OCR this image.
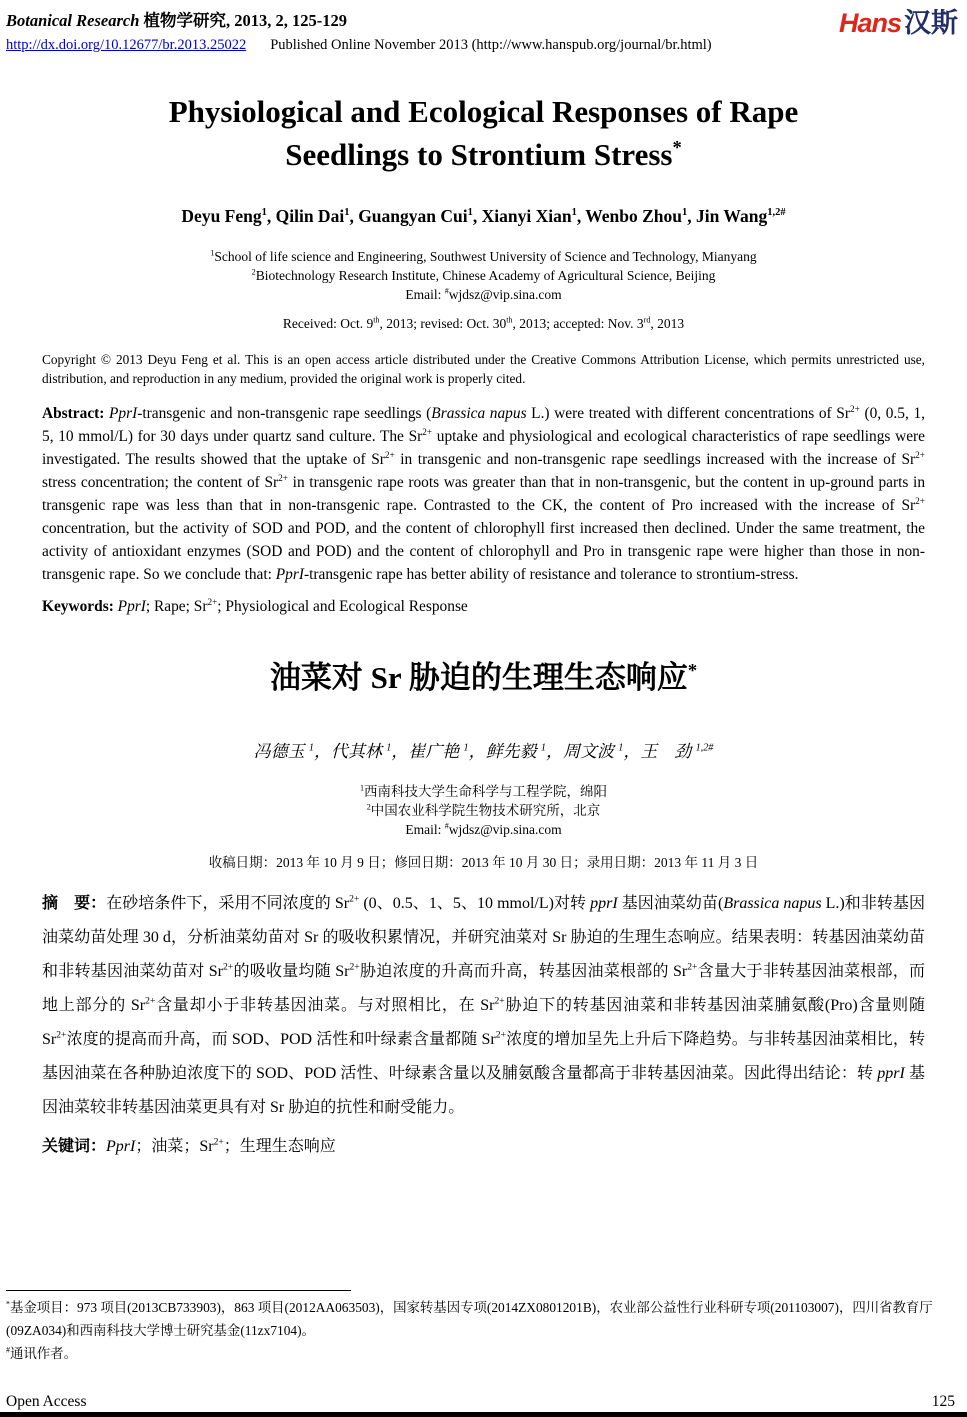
Botanical Research 植物学研究, 2013, 2, 125-129
http://dx.doi.org/10.12677/br.2013.25022 Published Online November 2013 (http://www.hanspub.org/journal/br.html)
Hans 汉斯
Physiological and Ecological Responses of Rape
Seedlings to Strontium Stress*
Deyu Feng$^1$, Qilin Dai$^1$, Guangyan Cui$^1$, Xianyi Xian$^1$, Wenbo Zhou$^1$, Jin Wang$^{1,2\#}$
$^1$School of life science and Engineering, Southwest University of Science and Technology, Mianyang
$^2$Biotechnology Research Institute, Chinese Academy of Agricultural Science, Beijing
Email: #wjdsz@vip.sina.com
Received: Oct. 9th, 2013; revised: Oct. 30th, 2013; accepted: Nov. 3rd, 2013

Copyright © 2013 Deyu Feng et al. This is an open access article distributed under the Creative Commons Attribution License, which permits unrestricted use, distribution, and reproduction in any medium, provided the original work is properly cited.

Abstract: PprI-transgenic and non-transgenic rape seedlings (Brassica napus L.) were treated with different concentrations of $Sr^{2+}$ (0, 0.5, 1, 5, 10 mmol/L) for 30 days under quartz sand culture. The $Sr^{2+}$ uptake and physiological and ecological characteristics of rape seedlings were investigated. The results showed that the uptake of $Sr^{2+}$ in transgenic and non-transgenic rape seedlings increased with the increase of $Sr^{2+}$ stress concentration; the content of $Sr^{2+}$ in transgenic rape roots was greater than that in non-transgenic, but the content in up-ground parts in transgenic rape was less than that in non-transgenic rape. Contrasted to the CK, the content of Pro increased with the increase of $Sr^{2+}$ concentration, but the activity of SOD and POD, and the content of chlorophyll first increased then declined. Under the same treatment, the activity of antioxidant enzymes (SOD and POD) and the content of chlorophyll and Pro in transgenic rape were higher than those in non-transgenic rape. So we conclude that: PprI-transgenic rape has better ability of resistance and tolerance to strontium-stress.

Keywords: PprI; Rape; $Sr^{2+}$; Physiological and Ecological Response

油菜对 Sr 胁迫的生理生态响应*
冯德玉 $^1$，代其林 $^1$，崔广艳 $^1$，鲜先毅 $^1$，周文波 $^1$，王　劲 $^{1,2\#}$
$^1$西南科技大学生命科学与工程学院，绵阳
$^2$中国农业科学院生物技术研究所，北京
Email: #wjdsz@vip.sina.com
收稿日期：2013 年 10 月 9 日；修回日期：2013 年 10 月 30 日；录用日期：2013 年 11 月 3 日

摘　要：在砂培条件下，采用不同浓度的 $Sr^{2+}$ (0、0.5、1、5、10 mmol/L)对转 pprI 基因油菜幼苗(Brassica napus L.)和非转基因油菜幼苗处理 30 d，分析油菜幼苗对 Sr 的吸收积累情况，并研究油菜对 Sr 胁迫的生理生态响应。结果表明：转基因油菜幼苗和非转基因油菜幼苗对 $Sr^{2+}$的吸收量均随 $Sr^{2+}$胁迫浓度的升高而升高，转基因油菜根部的 $Sr^{2+}$含量大于非转基因油菜根部，而地上部分的 $Sr^{2+}$含量却小于非转基因油菜。与对照相比，在 $Sr^{2+}$胁迫下的转基因油菜和非转基因油菜脯氨酸(Pro)含量则随 $Sr^{2+}$浓度的提高而升高，而 SOD、POD 活性和叶绿素含量都随 $Sr^{2+}$浓度的增加呈先上升后下降趋势。与非转基因油菜相比，转基因油菜在各种胁迫浓度下的 SOD、POD 活性、叶绿素含量以及脯氨酸含量都高于非转基因油菜。因此得出结论：转 pprI 基因油菜较非转基因油菜更具有对 Sr 胁迫的抗性和耐受能力。

关键词：PprI；油菜；$Sr^{2+}$；生理生态响应

*基金项目：973 项目(2013CB733903)，863 项目(2012AA063503)，国家转基因专项(2014ZX0801201B)，农业部公益性行业科研专项(201103007)，四川省教育厅(09ZA034)和西南科技大学博士研究基金(11zx7104)。
#通讯作者。
Open Access	125
